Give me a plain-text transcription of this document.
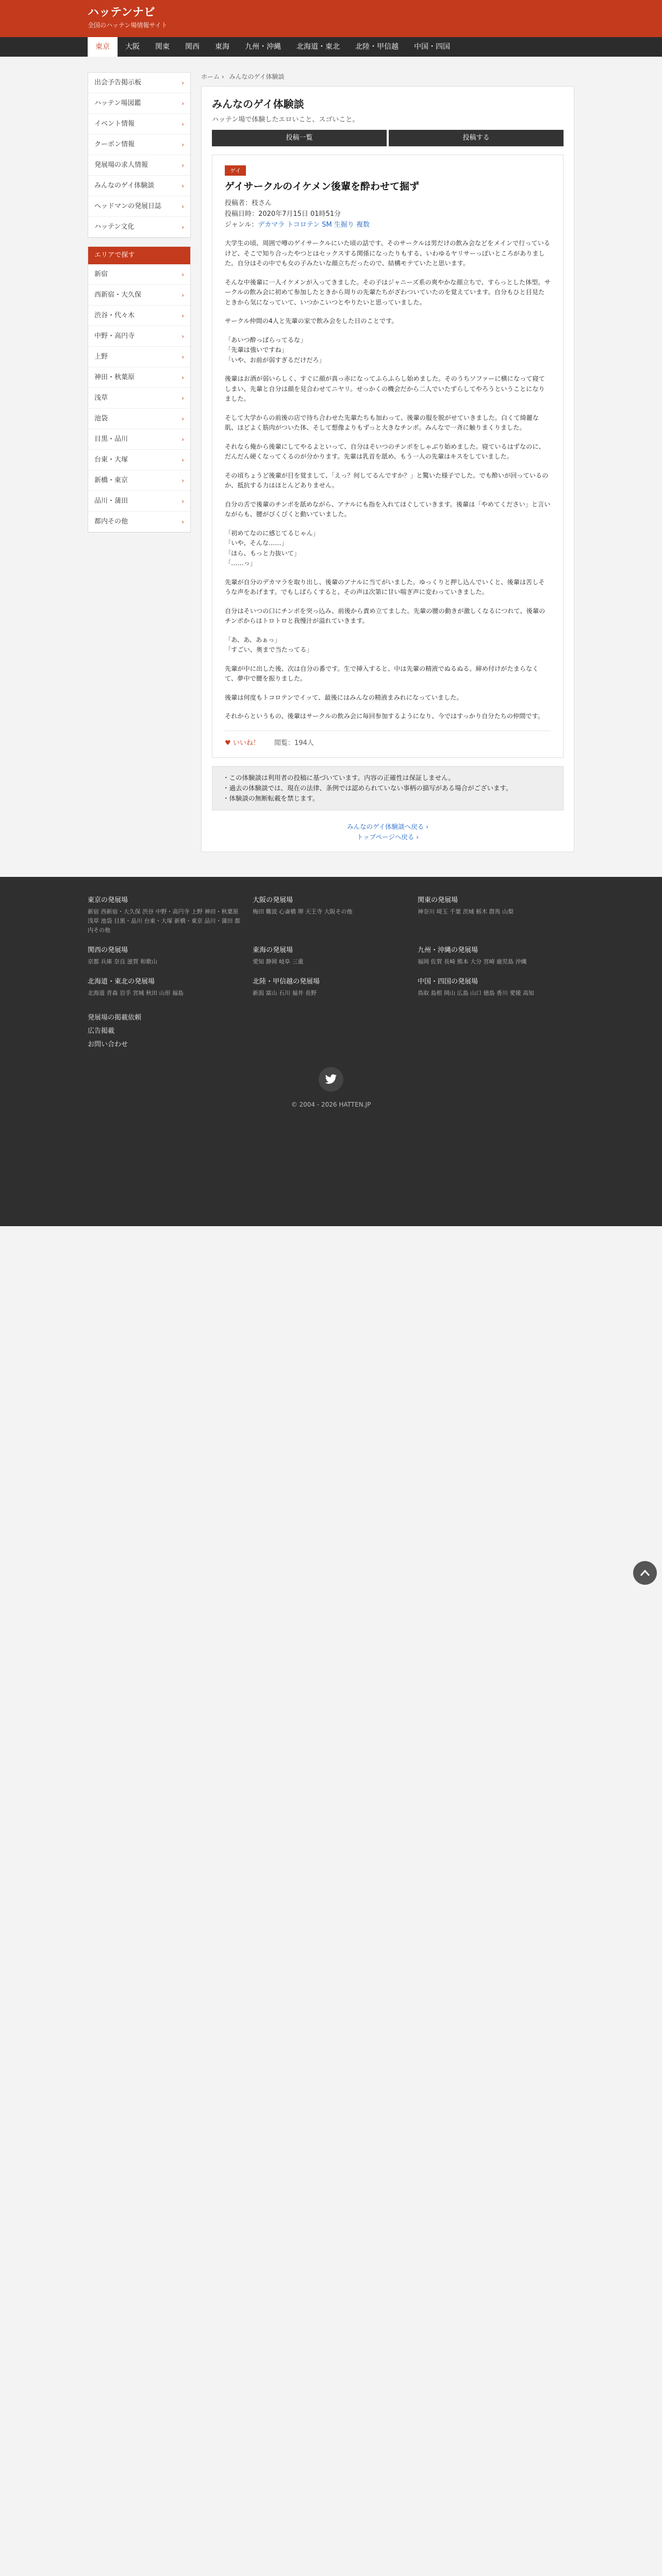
ハッテンナビ
全国のハッテン場情報サイト
東京	大阪	関東	関西	東海	九州・沖縄	北海道・東北	北陸・甲信越	中国・四国
出会予告掲示板	›
ハッテン場図鑑	›
イベント情報	›
クーポン情報	›
発展場の求人情報	›
みんなのゲイ体験談	›
ヘッドマンの発展日誌	›
ハッテン文化	›
エリアで探す
新宿	›
西新宿・大久保	›
渋谷・代々木	›
中野・高円寺	›
上野	›
神田・秋葉原	›
浅草	›
池袋	›
目黒・品川	›
台東・大塚	›
新橋・東京	›
品川・蒲田	›
都内その他	›
ホーム › みんなのゲイ体験談
みんなのゲイ体験談
ハッテン場で体験したエロいこと、スゴいこと。
投稿一覧	投稿する
ゲイ
ゲイサークルのイケメン後輩を酔わせて掘ず
投稿者：枝さん
投稿日時：2020年7月15日 01時51分
ジャンル：デカマラ トコロテン SM 生掘り 複数

大学生の頃、周囲で噂のゲイサークルにいた頃の話です。そのサークルは男だけの飲み会などをメインで行っているけど、そこで知り合ったやつとはセックスする関係になったりもする、いわゆるヤリサーっぽいところがありました。自分はその中でも女の子みたいな顔立ちだったので、結構モテていたと思います。

そんな中後輩に一人イケメンが入ってきました。その子はジャニーズ系の爽やかな顔立ちで、すらっとした体型。サークルの飲み会に初めて参加したときから周りの先輩たちがざわついていたのを覚えています。自分もひと目見たときから気になっていて、いつかこいつとやりたいと思っていました。

サークル仲間の4人と先輩の家で飲み会をした日のことです。

「あいつ酔っぱらってるな」
「先輩は強いですね」
「いや、お前が弱すぎるだけだろ」

後輩はお酒が弱いらしく、すぐに顔が真っ赤になってふらふらし始めました。そのうちソファーに横になって寝てしまい、先輩と自分は顔を見合わせてニヤリ。せっかくの機会だから二人でいたずらしてやろうということになりました。

そして大学からの前後の店で待ち合わせた先輩たちも加わって、後輩の服を脱がせていきました。白くて綺麗な肌、ほどよく筋肉がついた体、そして想像よりもずっと大きなチンポ。みんなで一斉に触りまくりました。

それなら俺から後輩にしてやるよといって、自分はそいつのチンポをしゃぶり始めました。寝ているはずなのに、だんだん硬くなってくるのが分かります。先輩は乳首を舐め、もう一人の先輩はキスをしていました。

その頃ちょうど後輩が目を覚まして、「えっ？何してるんですか？」と驚いた様子でした。でも酔いが回っているのか、抵抗する力はほとんどありません。

自分の舌で後輩のチンポを舐めながら、アナルにも指を入れてほぐしていきます。後輩は「やめてください」と言いながらも、腰がびくびくと動いていました。

「初めてなのに感じてるじゃん」
「いや、そんな……」
「ほら、もっと力抜いて」
「……っ」

先輩が自分のデカマラを取り出し、後輩のアナルに当てがいました。ゆっくりと押し込んでいくと、後輩は苦しそうな声をあげます。でもしばらくすると、その声は次第に甘い喘ぎ声に変わっていきました。

自分はそいつの口にチンポを突っ込み、前後から責め立てました。先輩の腰の動きが激しくなるにつれて、後輩のチンポからはトロトロと我慢汁が溢れていきます。

「あ、あ、あぁっ」
「すごい、奥まで当たってる」

先輩が中に出した後、次は自分の番です。生で挿入すると、中は先輩の精液でぬるぬる。締め付けがたまらなくて、夢中で腰を振りました。

後輩は何度もトコロテンでイッて、最後にはみんなの精液まみれになっていました。

それからというもの、後輩はサークルの飲み会に毎回参加するようになり、今ではすっかり自分たちの仲間です。

♥ いいね！ 閲覧：194人
・この体験談は利用者の投稿に基づいています。内容の正確性は保証しません。
・過去の体験談では、現在の法律、条例では認められていない事柄の描写がある場合がございます。
・体験談の無断転載を禁じます。
みんなのゲイ体験談へ戻る ›
トップページへ戻る ›
東京の発展場
新宿 西新宿・大久保 渋谷 中野・高円寺 上野 神田・秋葉原 浅草 池袋 目黒・品川 台東・大塚 新橋・東京 品川・蒲田 都内その他
大阪の発展場
梅田 難波 心斎橋 堺 天王寺 大阪その他
関東の発展場
神奈川 埼玉 千葉 茨城 栃木 群馬 山梨
関西の発展場
京都 兵庫 奈良 滋賀 和歌山
東海の発展場
愛知 静岡 岐阜 三重
九州・沖縄の発展場
福岡 佐賀 長崎 熊本 大分 宮崎 鹿児島 沖縄
北海道・東北の発展場
北海道 青森 岩手 宮城 秋田 山形 福島
北陸・甲信越の発展場
新潟 富山 石川 福井 長野
中国・四国の発展場
鳥取 島根 岡山 広島 山口 徳島 香川 愛媛 高知
発展場の掲載依頼
広告掲載
お問い合わせ
© 2004 - 2026 HATTEN.JP
